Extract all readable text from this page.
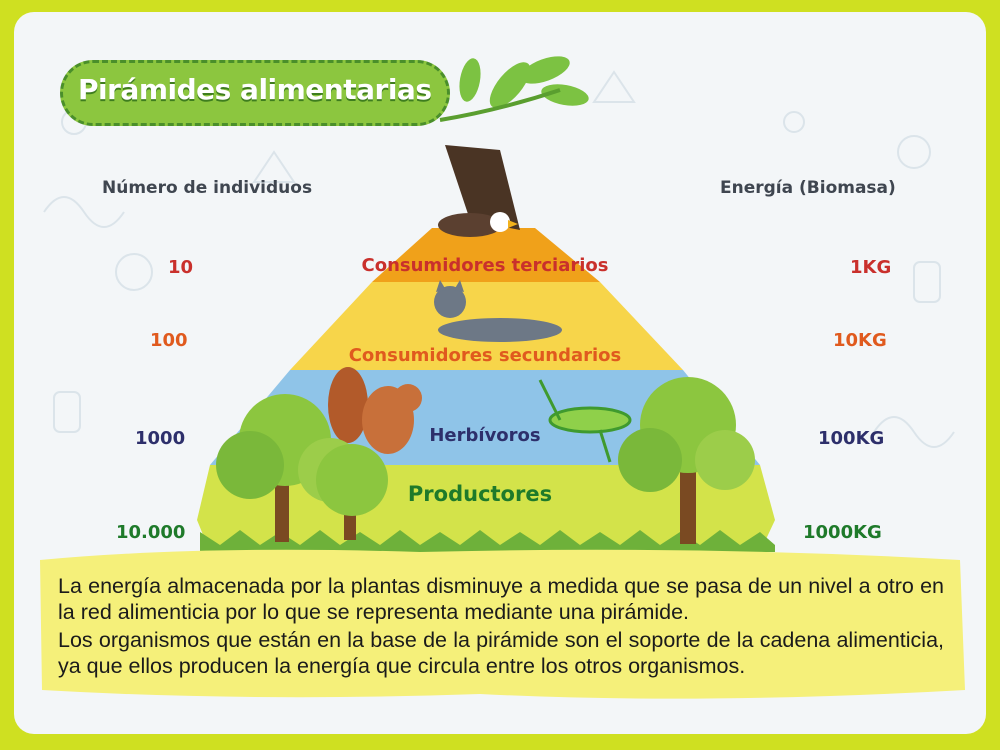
Pirámides alimentarias
Número de individuos	Energía (Biomasa)
Consumidores terciarios
Consumidores secundarios
Herbívoros
Productores
10
100
1000
10.000
1KG
10KG
100KG
1000KG
La energía almacenada por la plantas disminuye a medida que se pasa de un nivel a otro en la red alimenticia por lo que se representa mediante una pirámide.
Los organismos que están en la base de la pirámide son el soporte de la cadena alimenticia, ya que ellos producen la energía que circula entre los otros organismos.
